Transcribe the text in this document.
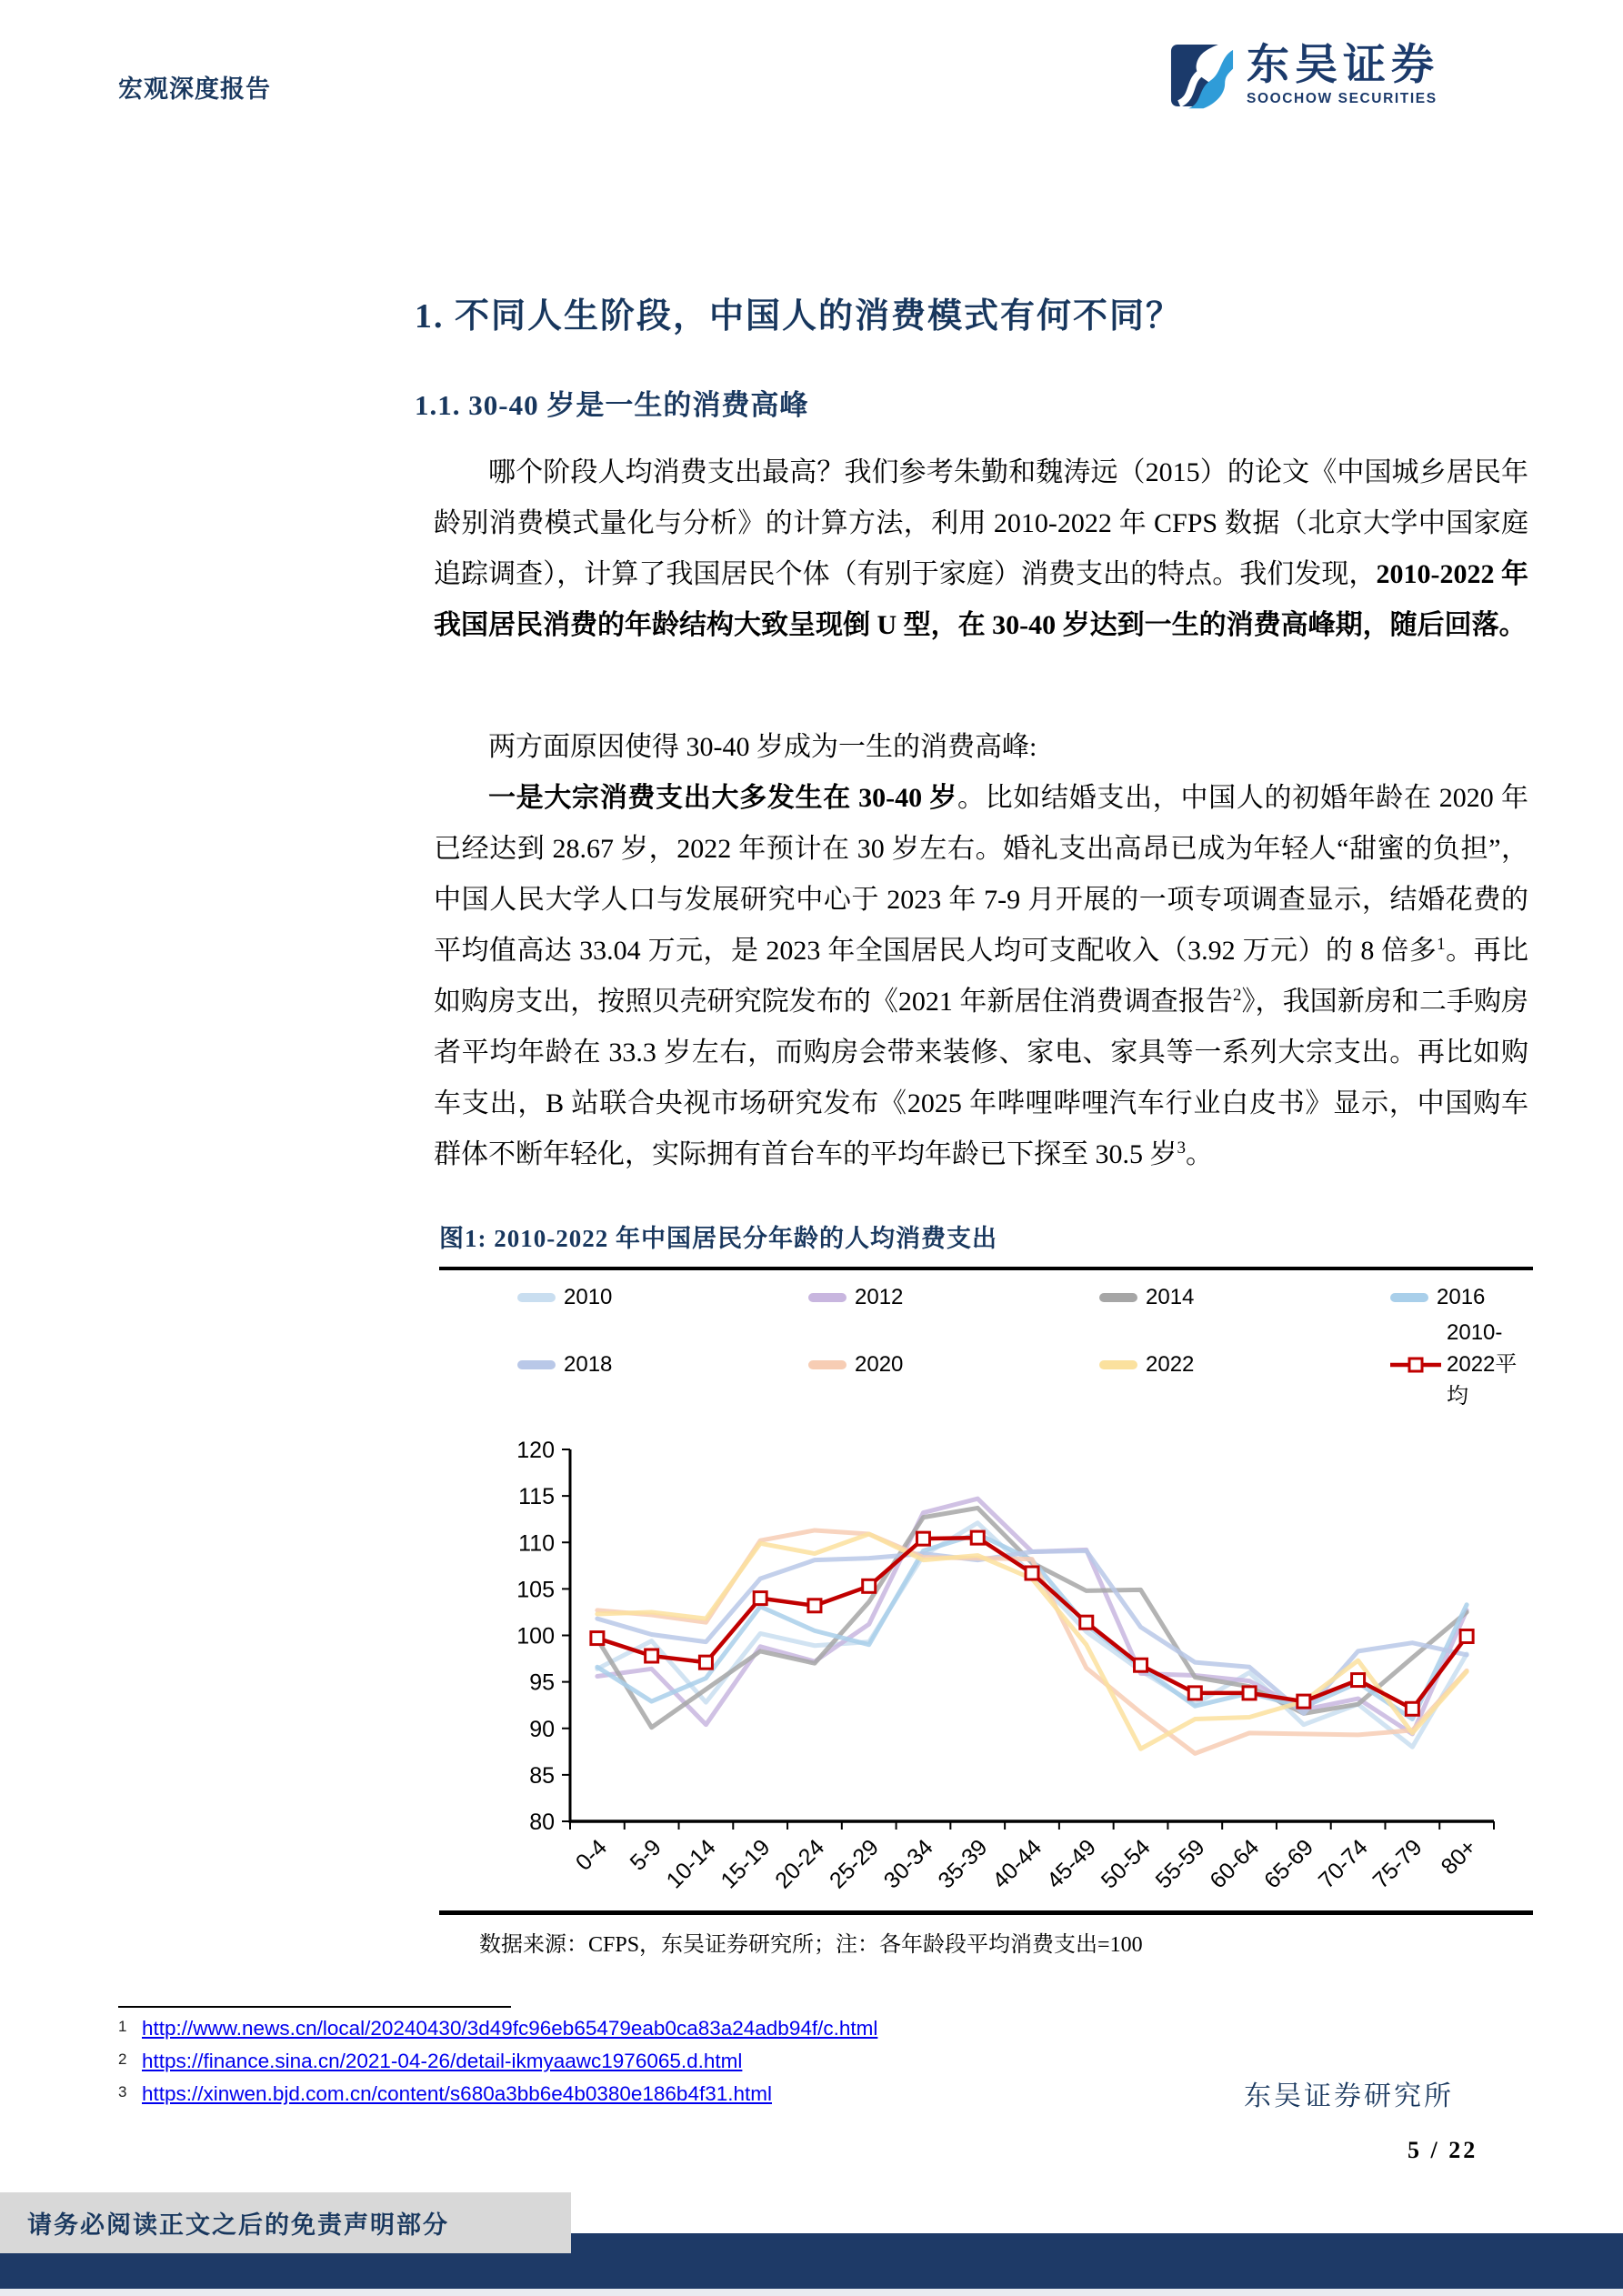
宏观深度报告	东吴证券
SOOCHOW SECURITIES
1. 不同人生阶段，中国人的消费模式有何不同？
1.1. 30-40 岁是一生的消费高峰
哪个阶段人均消费支出最高？我们参考朱勤和魏涛远（2015）的论文《中国城乡居民年龄别消费模式量化与分析》的计算方法，利用 2010-2022 年 CFPS 数据（北京大学中国家庭追踪调查），计算了我国居民个体（有别于家庭）消费支出的特点。我们发现，2010-2022 年我国居民消费的年龄结构大致呈现倒 U 型，在 30-40 岁达到一生的消费高峰期，随后回落。
两方面原因使得 30-40 岁成为一生的消费高峰:
一是大宗消费支出大多发生在 30-40 岁。比如结婚支出，中国人的初婚年龄在 2020 年已经达到 28.67 岁，2022 年预计在 30 岁左右。婚礼支出高昂已成为年轻人“甜蜜的负担”，中国人民大学人口与发展研究中心于 2023 年 7-9 月开展的一项专项调查显示，结婚花费的平均值高达 33.04 万元，是 2023 年全国居民人均可支配收入（3.92 万元）的 8 倍多$^1$。再比如购房支出，按照贝壳研究院发布的《2021 年新居住消费调查报告$^2$》，我国新房和二手购房者平均年龄在 33.3 岁左右，而购房会带来装修、家电、家具等一系列大宗支出。再比如购车支出，B 站联合央视市场研究发布《2025 年哔哩哔哩汽车行业白皮书》显示，中国购车群体不断年轻化，实际拥有首台车的平均年龄已下探至 30.5 岁$^3$。
图1: 2010-2022 年中国居民分年龄的人均消费支出
2010	2012	2014	2016
2018	2020	2022
2010-2022平均
80
85
90
95
100
105
110
115
120
0-4 5-9
10-14
15-19
20-24
25-29
30-34
35-39
40-44
45-49
50-54
55-59
60-64
65-69
70-74
75-79 80+
数据来源：CFPS，东吴证券研究所；注：各年龄段平均消费支出=100
1 http://www.news.cn/local/20240430/3d49fc96eb65479eab0ca83a24adb94f/c.html
2 https://finance.sina.cn/2021-04-26/detail-ikmyaawc1976065.d.html
3 https://xinwen.bjd.com.cn/content/s680a3bb6e4b0380e186b4f31.html	东吴证券研究所
5 / 22
请务必阅读正文之后的免责声明部分
